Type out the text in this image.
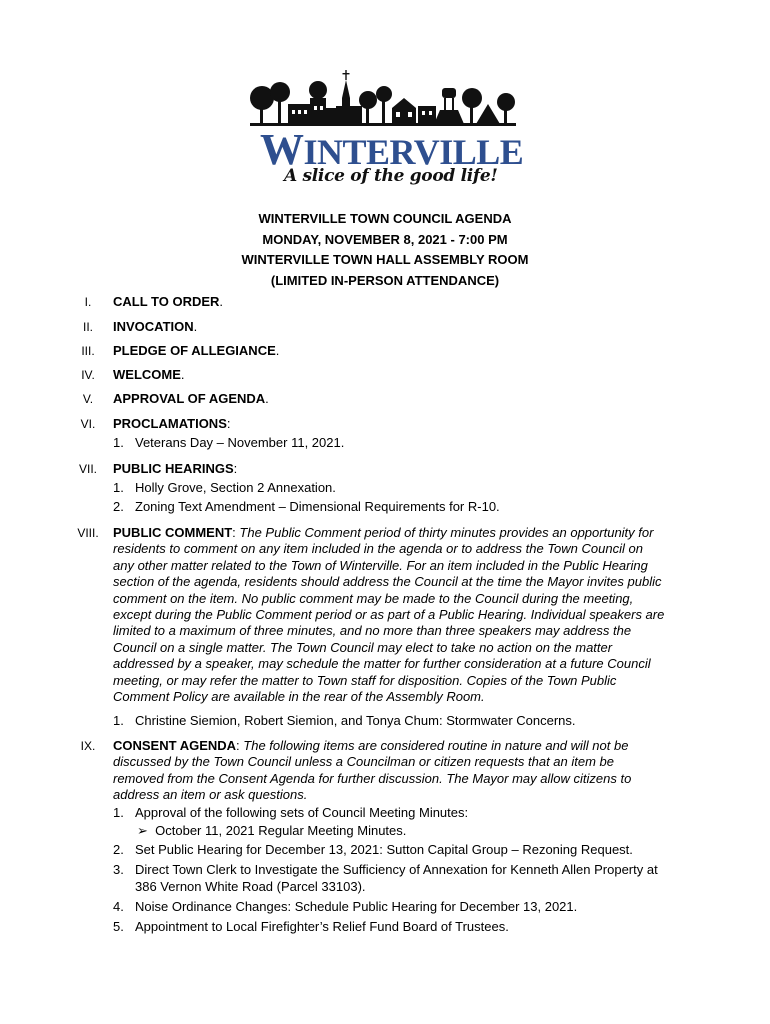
WINTERVILLE
A slice of the good life!
WINTERVILLE TOWN COUNCIL AGENDA
MONDAY, NOVEMBER 8, 2021 - 7:00 PM
WINTERVILLE TOWN HALL ASSEMBLY ROOM
(LIMITED IN-PERSON ATTENDANCE)
I.	CALL TO ORDER.
II.	INVOCATION.
III.	PLEDGE OF ALLEGIANCE.
IV.	WELCOME.
V.	APPROVAL OF AGENDA.
VI.	PROCLAMATIONS:
1. Veterans Day – November 11, 2021.
VII.	PUBLIC HEARINGS:
1. Holly Grove, Section 2 Annexation.
2. Zoning Text Amendment – Dimensional Requirements for R-10.
VIII.	PUBLIC COMMENT: The Public Comment period of thirty minutes provides an opportunity for
residents to comment on any item included in the agenda or to address the Town Council on
any other matter related to the Town of Winterville. For an item included in the Public Hearing
section of the agenda, residents should address the Council at the time the Mayor invites public
comment on the item. No public comment may be made to the Council during the meeting,
except during the Public Comment period or as part of a Public Hearing. Individual speakers are
limited to a maximum of three minutes, and no more than three speakers may address the
Council on a single matter. The Town Council may elect to take no action on the matter
addressed by a speaker, may schedule the matter for further consideration at a future Council
meeting, or may refer the matter to Town staff for disposition. Copies of the Town Public
Comment Policy are available in the rear of the Assembly Room.
1. Christine Siemion, Robert Siemion, and Tonya Chum: Stormwater Concerns.
IX.	CONSENT AGENDA: The following items are considered routine in nature and will not be
discussed by the Town Council unless a Councilman or citizen requests that an item be
removed from the Consent Agenda for further discussion. The Mayor may allow citizens to
address an item or ask questions.
1. Approval of the following sets of Council Meeting Minutes:
➢ October 11, 2021 Regular Meeting Minutes.
2. Set Public Hearing for December 13, 2021: Sutton Capital Group – Rezoning Request.
3. Direct Town Clerk to Investigate the Sufficiency of Annexation for Kenneth Allen Property at
386 Vernon White Road (Parcel 33103).
4. Noise Ordinance Changes: Schedule Public Hearing for December 13, 2021.
5. Appointment to Local Firefighter’s Relief Fund Board of Trustees.
